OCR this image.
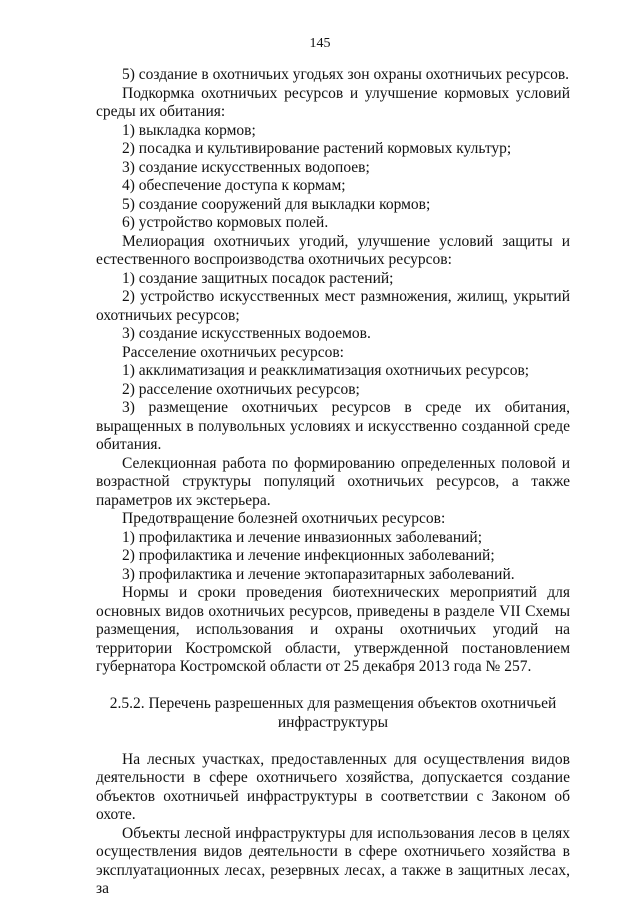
145

5) создание в охотничьих угодьях зон охраны охотничьих ресурсов.

Подкормка охотничьих ресурсов и улучшение кормовых условий среды их обитания:

1) выкладка кормов;

2) посадка и культивирование растений кормовых культур;

3) создание искусственных водопоев;

4) обеспечение доступа к кормам;

5) создание сооружений для выкладки кормов;

6) устройство кормовых полей.

Мелиорация охотничьих угодий, улучшение условий защиты и естественного воспроизводства охотничьих ресурсов:

1) создание защитных посадок растений;

2) устройство искусственных мест размножения, жилищ, укрытий охотничьих ресурсов;

3) создание искусственных водоемов.

Расселение охотничьих ресурсов:

1) акклиматизация и реакклиматизация охотничьих ресурсов;

2) расселение охотничьих ресурсов;

3) размещение охотничьих ресурсов в среде их обитания, выращенных в полувольных условиях и искусственно созданной среде обитания.

Селекционная работа по формированию определенных половой и возрастной структуры популяций охотничьих ресурсов, а также параметров их экстерьера.

Предотвращение болезней охотничьих ресурсов:

1) профилактика и лечение инвазионных заболеваний;

2) профилактика и лечение инфекционных заболеваний;

3) профилактика и лечение эктопаразитарных заболеваний.

Нормы и сроки проведения биотехнических мероприятий для основных видов охотничьих ресурсов, приведены в разделе VII Схемы размещения, использования и охраны охотничьих угодий на территории Костромской области, утвержденной постановлением губернатора Костромской области от 25 декабря 2013 года № 257.

2.5.2. Перечень разрешенных для размещения объектов охотничьей инфраструктуры

На лесных участках, предоставленных для осуществления видов деятельности в сфере охотничьего хозяйства, допускается создание объектов охотничьей инфраструктуры в соответствии с Законом об охоте.

Объекты лесной инфраструктуры для использования лесов в целях осуществления видов деятельности в сфере охотничьего хозяйства в эксплуатационных лесах, резервных лесах, а также в защитных лесах, за
